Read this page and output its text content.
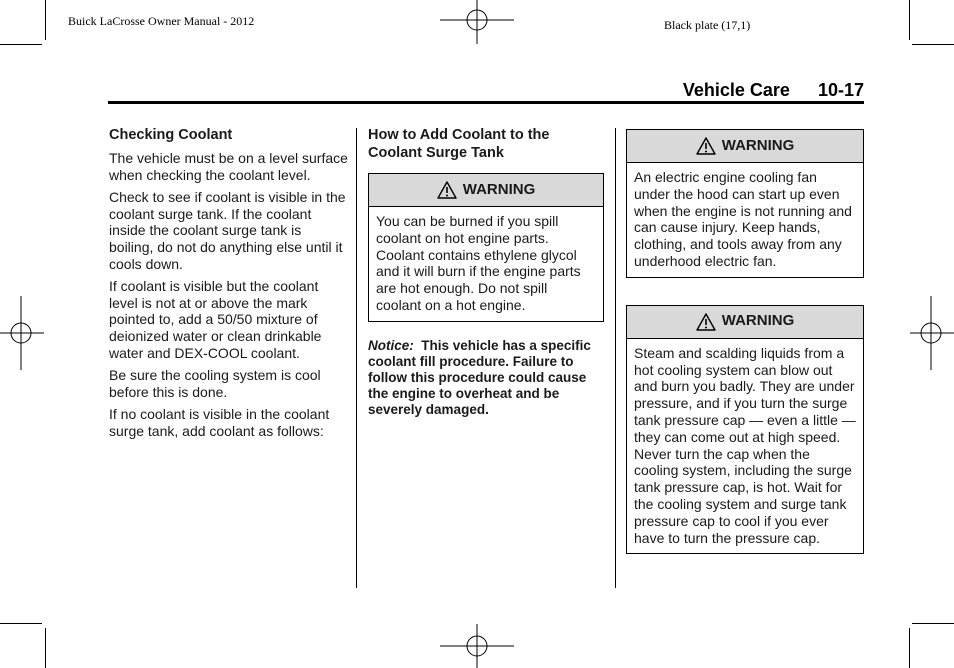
Buick LaCrosse Owner Manual - 2012	Black plate (17,1)
Vehicle Care 10-17
Checking Coolant

The vehicle must be on a level surface when checking the coolant level.

Check to see if coolant is visible in the coolant surge tank. If the coolant inside the coolant surge tank is boiling, do not do anything else until it cools down.

If coolant is visible but the coolant level is not at or above the mark pointed to, add a 50/50 mixture of deionized water or clean drinkable water and DEX-COOL coolant.

Be sure the cooling system is cool before this is done.

If no coolant is visible in the coolant surge tank, add coolant as follows:

How to Add Coolant to the Coolant Surge Tank
WARNING
You can be burned if you spill coolant on hot engine parts. Coolant contains ethylene glycol and it will burn if the engine parts are hot enough. Do not spill coolant on a hot engine.
Notice: This vehicle has a specific coolant fill procedure. Failure to follow this procedure could cause the engine to overheat and be severely damaged.
WARNING
An electric engine cooling fan under the hood can start up even when the engine is not running and can cause injury. Keep hands, clothing, and tools away from any underhood electric fan.
WARNING
Steam and scalding liquids from a hot cooling system can blow out and burn you badly. They are under pressure, and if you turn the surge tank pressure cap — even a little — they can come out at high speed. Never turn the cap when the cooling system, including the surge tank pressure cap, is hot. Wait for the cooling system and surge tank pressure cap to cool if you ever have to turn the pressure cap.
